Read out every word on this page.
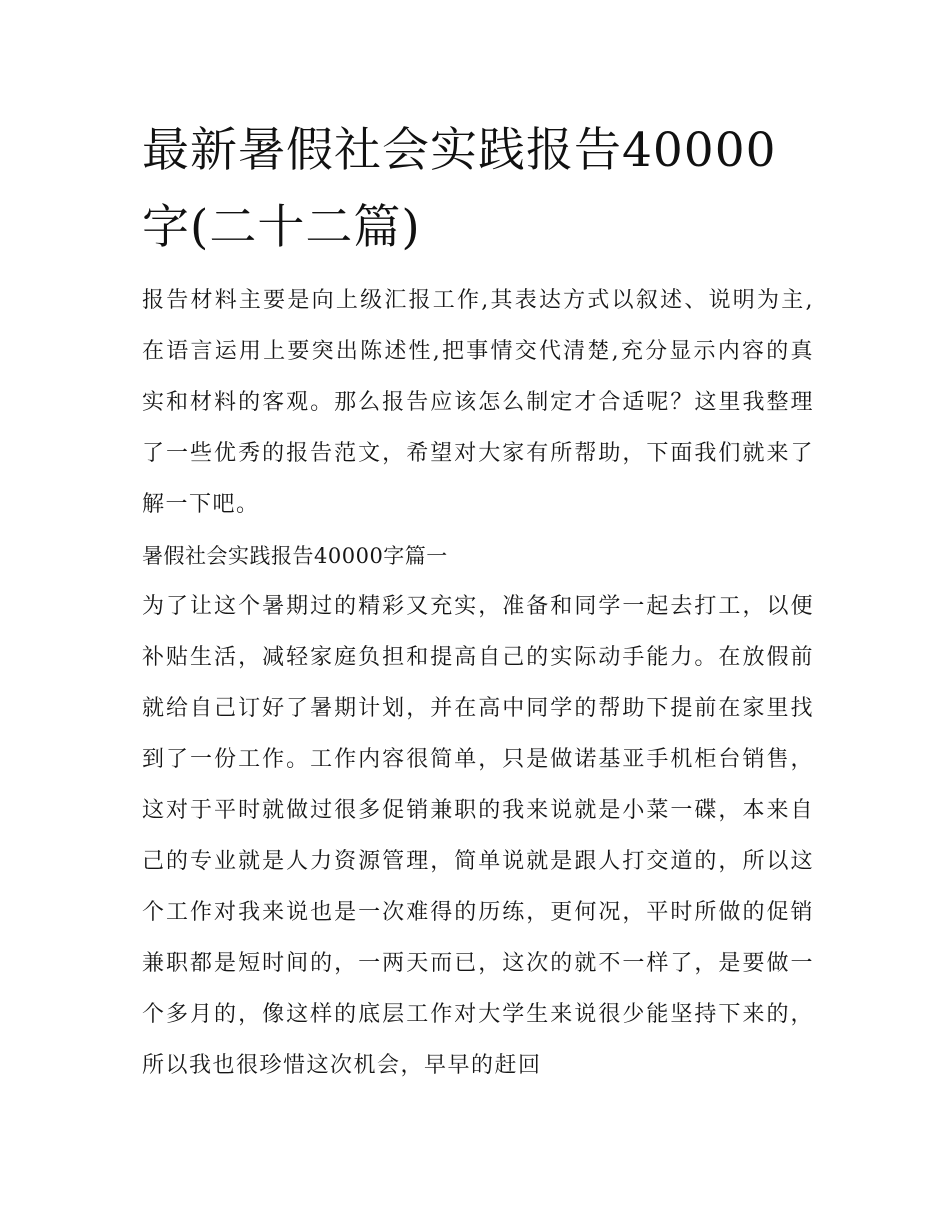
最新暑假社会实践报告40000字(二十二篇)

报告材料主要是向上级汇报工作,其表达方式以叙述、说明为主,在语言运用上要突出陈述性,把事情交代清楚,充分显示内容的真实和材料的客观。那么报告应该怎么制定才合适呢？这里我整理了一些优秀的报告范文，希望对大家有所帮助，下面我们就来了解一下吧。

暑假社会实践报告40000字篇一

为了让这个暑期过的精彩又充实，准备和同学一起去打工，以便补贴生活，减轻家庭负担和提高自己的实际动手能力。在放假前就给自己订好了暑期计划，并在高中同学的帮助下提前在家里找到了一份工作。工作内容很简单，只是做诺基亚手机柜台销售，这对于平时就做过很多促销兼职的我来说就是小菜一碟，本来自己的专业就是人力资源管理，简单说就是跟人打交道的，所以这个工作对我来说也是一次难得的历练，更何况，平时所做的促销兼职都是短时间的，一两天而已，这次的就不一样了，是要做一个多月的，像这样的底层工作对大学生来说很少能坚持下来的，所以我也很珍惜这次机会，早早的赶回
